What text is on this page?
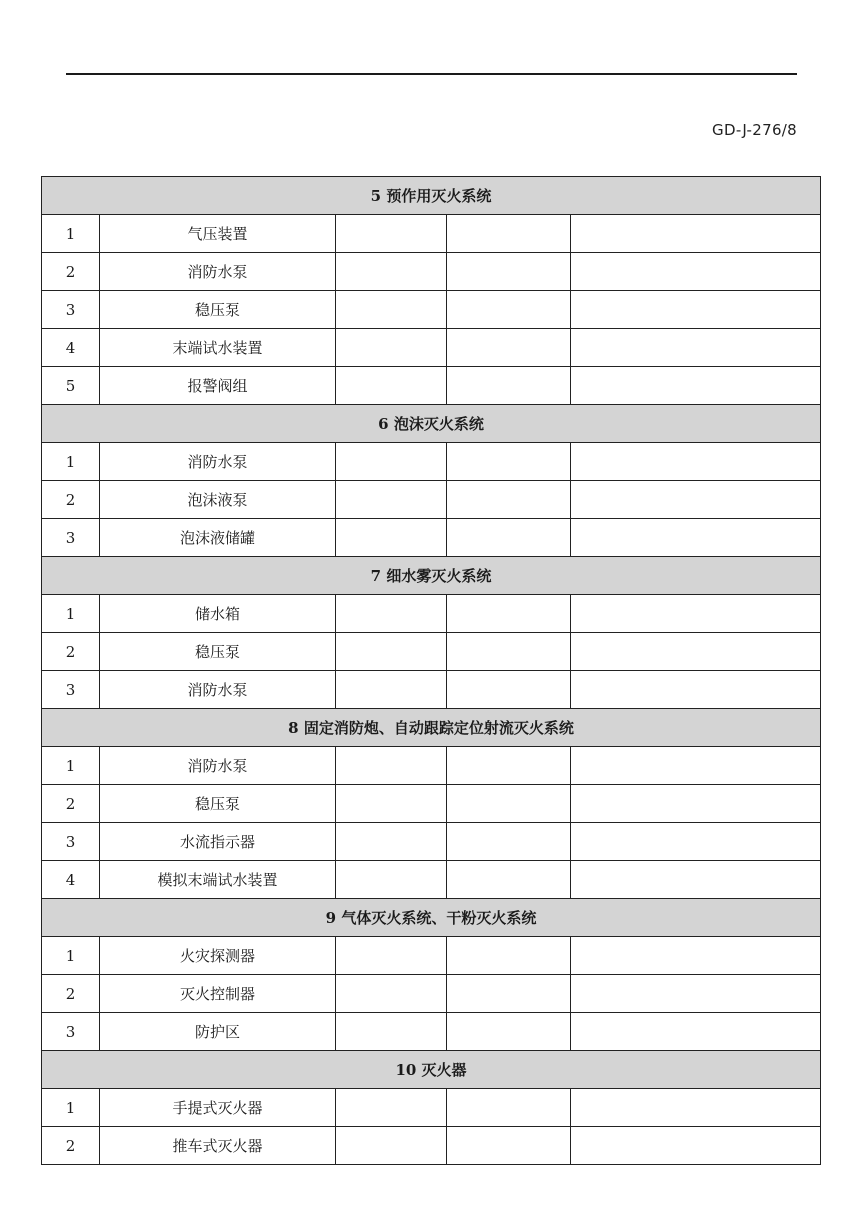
GD-J-276/8
5 预作用灭火系统				
1	气压装置			
2	消防水泵			
3	稳压泵			
4	末端试水装置			
5	报警阀组			
6 泡沫灭火系统				
1	消防水泵			
2	泡沫液泵			
3	泡沫液储罐			
7 细水雾灭火系统				
1	储水箱			
2	稳压泵			
3	消防水泵			
8 固定消防炮、自动跟踪定位射流灭火系统				
1	消防水泵			
2	稳压泵			
3	水流指示器			
4	模拟末端试水装置			
9 气体灭火系统、干粉灭火系统				
1	火灾探测器			
2	灭火控制器			
3	防护区			
10 灭火器				
1	手提式灭火器			
2	推车式灭火器			
